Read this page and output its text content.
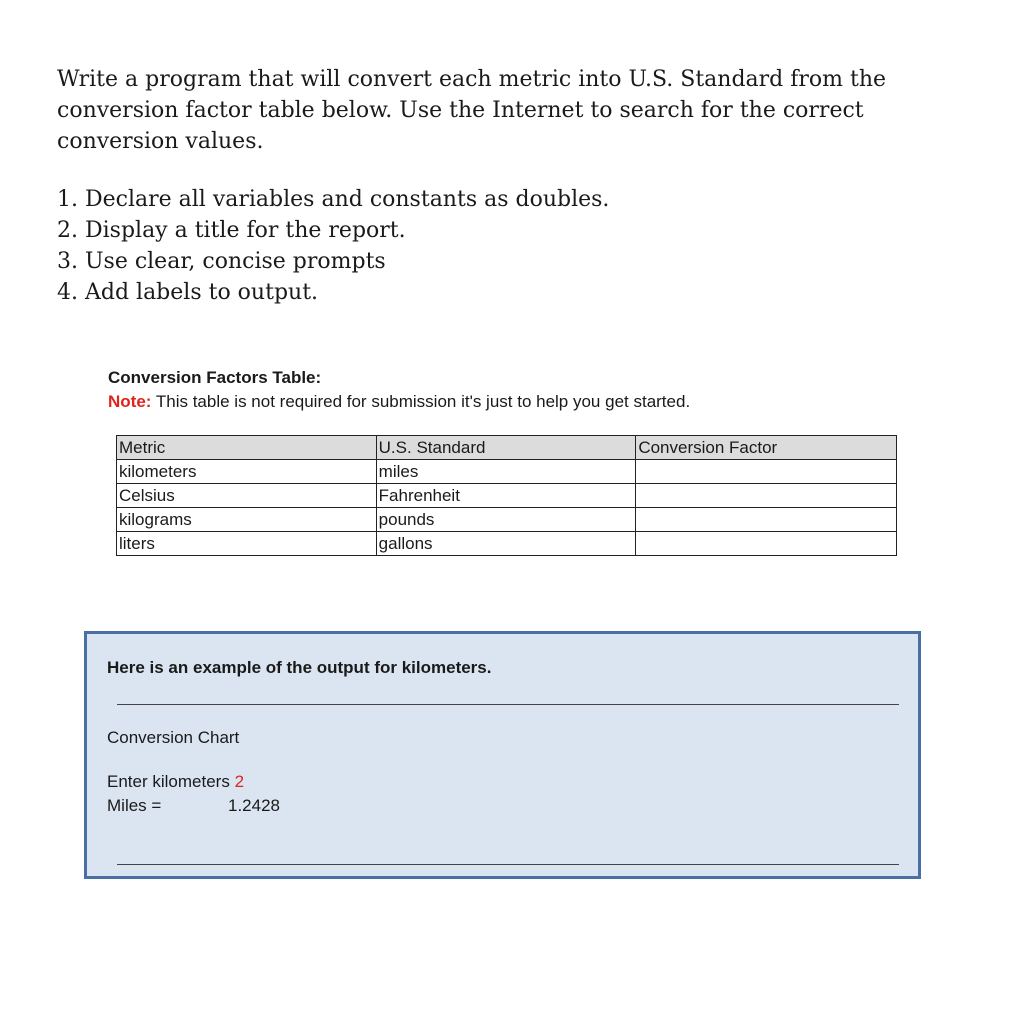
Write a program that will convert each metric into U.S. Standard from the conversion factor table below. Use the Internet to search for the correct conversion values.

1. Declare all variables and constants as doubles.
2. Display a title for the report.
3. Use clear, concise prompts
4. Add labels to output.
Conversion Factors Table:
Note: This table is not required for submission it's just to help you get started.
Metric	U.S. Standard	Conversion Factor
kilometers	miles	
Celsius	Fahrenheit	
kilograms	pounds	
liters	gallons	
Here is an example of the output for kilometers.
Conversion Chart
Enter kilometers 2
Miles =	1.2428
